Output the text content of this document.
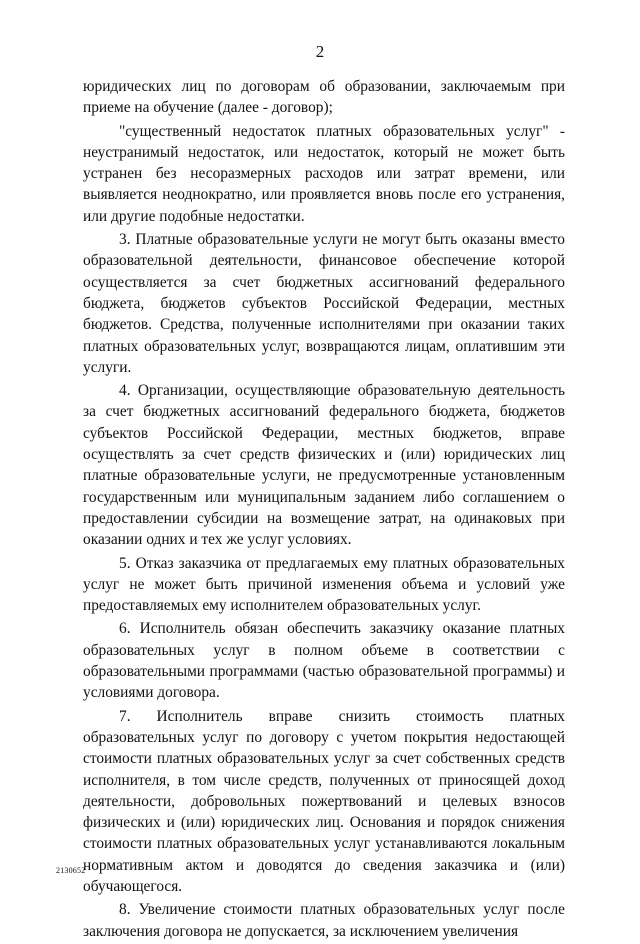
2

юридических лиц по договорам об образовании, заключаемым при приеме на обучение (далее - договор);

"существенный недостаток платных образовательных услуг" - неустранимый недостаток, или недостаток, который не может быть устранен без несоразмерных расходов или затрат времени, или выявляется неоднократно, или проявляется вновь после его устранения, или другие подобные недостатки.

3. Платные образовательные услуги не могут быть оказаны вместо образовательной деятельности, финансовое обеспечение которой осуществляется за счет бюджетных ассигнований федерального бюджета, бюджетов субъектов Российской Федерации, местных бюджетов. Средства, полученные исполнителями при оказании таких платных образовательных услуг, возвращаются лицам, оплатившим эти услуги.

4. Организации, осуществляющие образовательную деятельность за счет бюджетных ассигнований федерального бюджета, бюджетов субъектов Российской Федерации, местных бюджетов, вправе осуществлять за счет средств физических и (или) юридических лиц платные образовательные услуги, не предусмотренные установленным государственным или муниципальным заданием либо соглашением о предоставлении субсидии на возмещение затрат, на одинаковых при оказании одних и тех же услуг условиях.

5. Отказ заказчика от предлагаемых ему платных образовательных услуг не может быть причиной изменения объема и условий уже предоставляемых ему исполнителем образовательных услуг.

6. Исполнитель обязан обеспечить заказчику оказание платных образовательных услуг в полном объеме в соответствии с образовательными программами (частью образовательной программы) и условиями договора.

7. Исполнитель вправе снизить стоимость платных образовательных услуг по договору с учетом покрытия недостающей стоимости платных образовательных услуг за счет собственных средств исполнителя, в том числе средств, полученных от приносящей доход деятельности, добровольных пожертвований и целевых взносов физических и (или) юридических лиц. Основания и порядок снижения стоимости платных образовательных услуг устанавливаются локальным нормативным актом и доводятся до сведения заказчика и (или) обучающегося.

8. Увеличение стоимости платных образовательных услуг после заключения договора не допускается, за исключением увеличения

2130652
